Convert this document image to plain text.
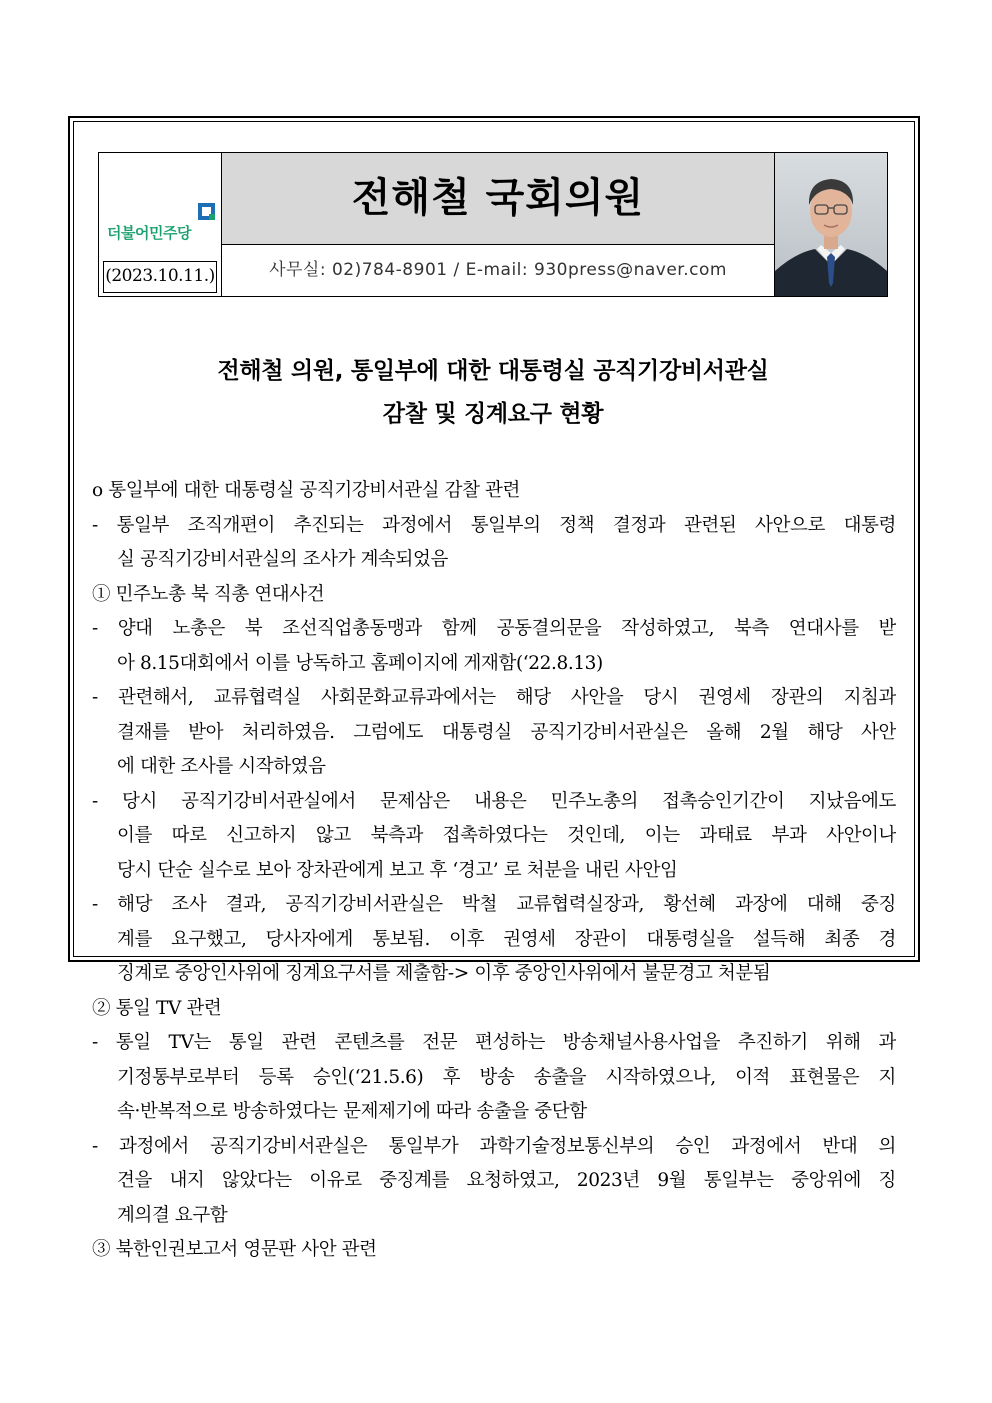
더불어민주당
(2023.10.11.)
전해철 국회의원
사무실: 02)784-8901 / E-mail: 930press@naver.com
전해철 의원, 통일부에 대한 대통령실 공직기강비서관실
감찰 및 징계요구 현황
o 통일부에 대한 대통령실 공직기강비서관실 감찰 관련
- 통일부 조직개편이 추진되는 과정에서 통일부의 정책 결정과 관련된 사안으로 대통령
실 공직기강비서관실의 조사가 계속되었음
① 민주노총 북 직총 연대사건
- 양대 노총은 북 조선직업총동맹과 함께 공동결의문을 작성하였고, 북측 연대사를 받
아 8.15대회에서 이를 낭독하고 홈페이지에 게재함(‘22.8.13)
- 관련해서, 교류협력실 사회문화교류과에서는 해당 사안을 당시 권영세 장관의 지침과
결재를 받아 처리하였음. 그럼에도 대통령실 공직기강비서관실은 올해 2월 해당 사안
에 대한 조사를 시작하였음
- 당시 공직기강비서관실에서 문제삼은 내용은 민주노총의 접촉승인기간이 지났음에도
이를 따로 신고하지 않고 북측과 접촉하였다는 것인데, 이는 과태료 부과 사안이나
당시 단순 실수로 보아 장차관에게 보고 후 ‘경고’ 로 처분을 내린 사안임
- 해당 조사 결과, 공직기강비서관실은 박철 교류협력실장과, 황선혜 과장에 대해 중징
계를 요구했고, 당사자에게 통보됨. 이후 권영세 장관이 대통령실을 설득해 최종 경
징계로 중앙인사위에 징계요구서를 제출함-> 이후 중앙인사위에서 불문경고 처분됨
② 통일 TV 관련
- 통일 TV는 통일 관련 콘텐츠를 전문 편성하는 방송채널사용사업을 추진하기 위해 과
기정통부로부터 등록 승인(‘21.5.6) 후 방송 송출을 시작하였으나, 이적 표현물은 지
속·반복적으로 방송하였다는 문제제기에 따라 송출을 중단함
- 과정에서 공직기강비서관실은 통일부가 과학기술정보통신부의 승인 과정에서 반대 의
견을 내지 않았다는 이유로 중징계를 요청하였고, 2023년 9월 통일부는 중앙위에 징
계의결 요구함
③ 북한인권보고서 영문판 사안 관련
